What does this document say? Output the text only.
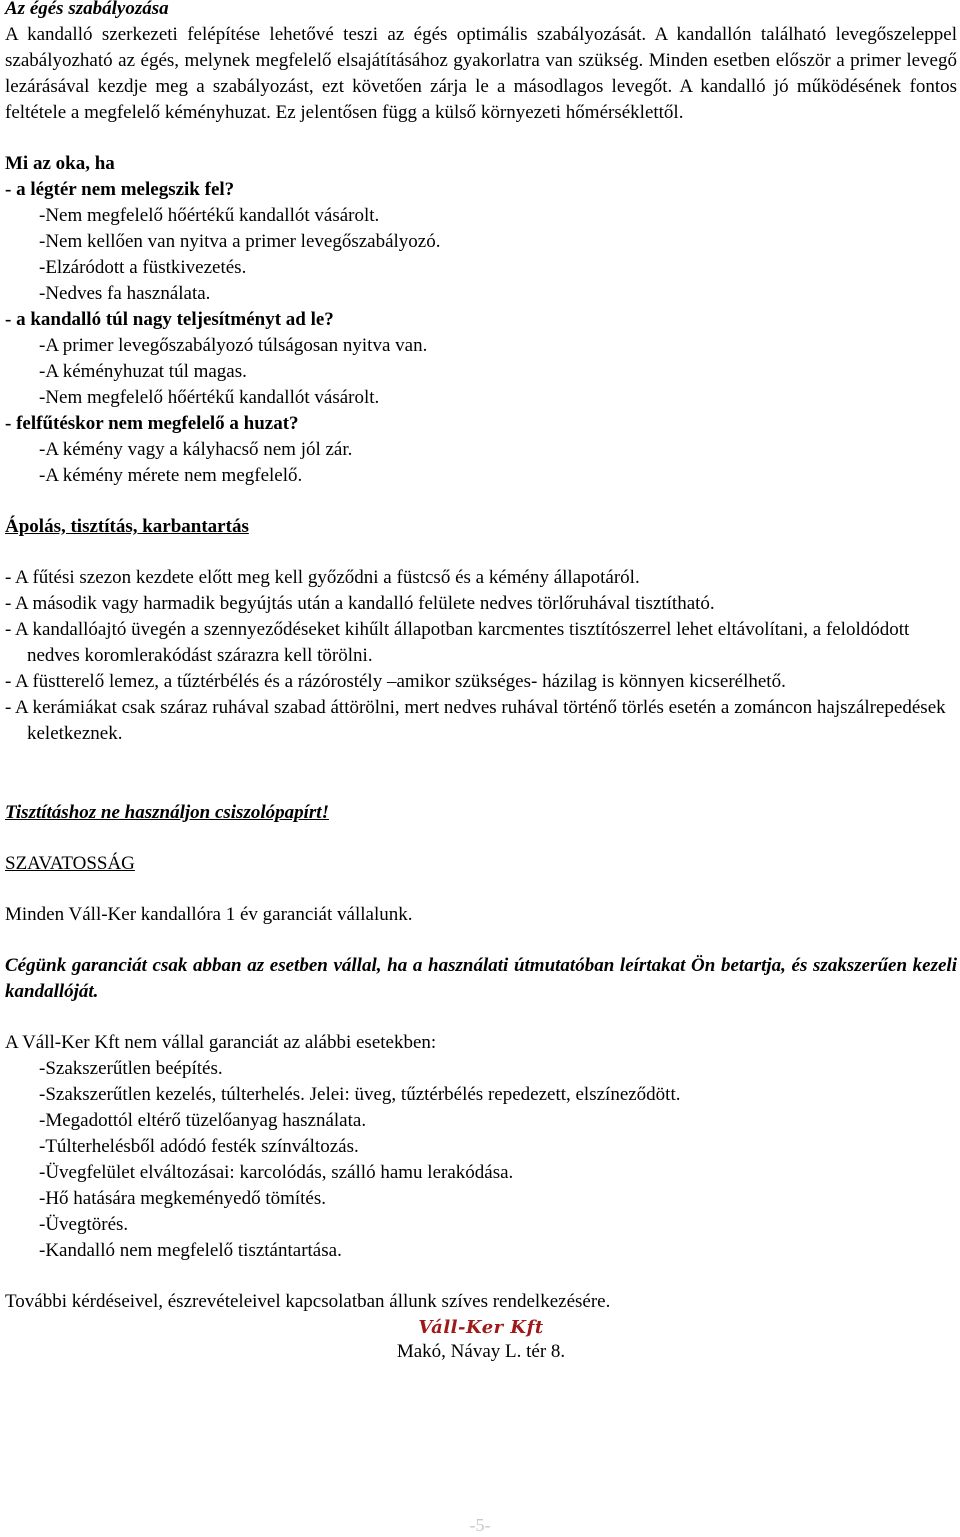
Az égés szabályozása

A kandalló szerkezeti felépítése lehetővé teszi az égés optimális szabályozását. A kandallón található levegőszeleppel szabályozható az égés, melynek megfelelő elsajátításához gyakorlatra van szükség. Minden esetben először a primer levegő lezárásával kezdje meg a szabályozást, ezt követően zárja le a másodlagos levegőt. A kandalló jó működésének fontos feltétele a megfelelő kéményhuzat. Ez jelentősen függ a külső környezeti hőmérséklettől.

Mi az oka, ha

- a légtér nem melegszik fel?

-Nem megfelelő hőértékű kandallót vásárolt.
-Nem kellően van nyitva a primer levegőszabályozó.
-Elzáródott a füstkivezetés.
-Nedves fa használata.

- a kandalló túl nagy teljesítményt ad le?

-A primer levegőszabályozó túlságosan nyitva van.
-A kéményhuzat túl magas.
-Nem megfelelő hőértékű kandallót vásárolt.

- felfűtéskor nem megfelelő a huzat?

-A kémény vagy a kályhacső nem jól zár.
-A kémény mérete nem megfelelő.

Ápolás, tisztítás, karbantartás

- A fűtési szezon kezdete előtt meg kell győződni a füstcső és a kémény állapotáról.
- A második vagy harmadik begyújtás után a kandalló felülete nedves törlőruhával tisztítható.
- A kandallóajtó üvegén a szennyeződéseket kihűlt állapotban karcmentes tisztítószerrel lehet eltávolítani, a feloldódott nedves koromlerakódást szárazra kell törölni.
- A füstterelő lemez, a tűztérbélés és a rázórostély –amikor szükséges- házilag is könnyen kicserélhető.
- A kerámiákat csak száraz ruhával szabad áttörölni, mert nedves ruhával történő törlés esetén a zománcon hajszálrepedések keletkeznek.

Tisztításhoz ne használjon csiszolópapírt!

SZAVATOSSÁG

Minden Váll-Ker kandallóra 1 év garanciát vállalunk.

Cégünk garanciát csak abban az esetben vállal, ha a használati útmutatóban leírtakat Ön betartja, és szakszerűen kezeli kandallóját.

A Váll-Ker Kft nem vállal garanciát az alábbi esetekben:

-Szakszerűtlen beépítés.
-Szakszerűtlen kezelés, túlterhelés. Jelei: üveg, tűztérbélés repedezett, elszíneződött.
-Megadottól eltérő tüzelőanyag használata.
-Túlterhelésből adódó festék színváltozás.
-Üvegfelület elváltozásai: karcolódás, szálló hamu lerakódása.
-Hő hatására megkeményedő tömítés.
-Üvegtörés.
-Kandalló nem megfelelő tisztántartása.

További kérdéseivel, észrevételeivel kapcsolatban állunk szíves rendelkezésére.

Váll-Ker Kft
Makó, Návay L. tér 8.
-5-
